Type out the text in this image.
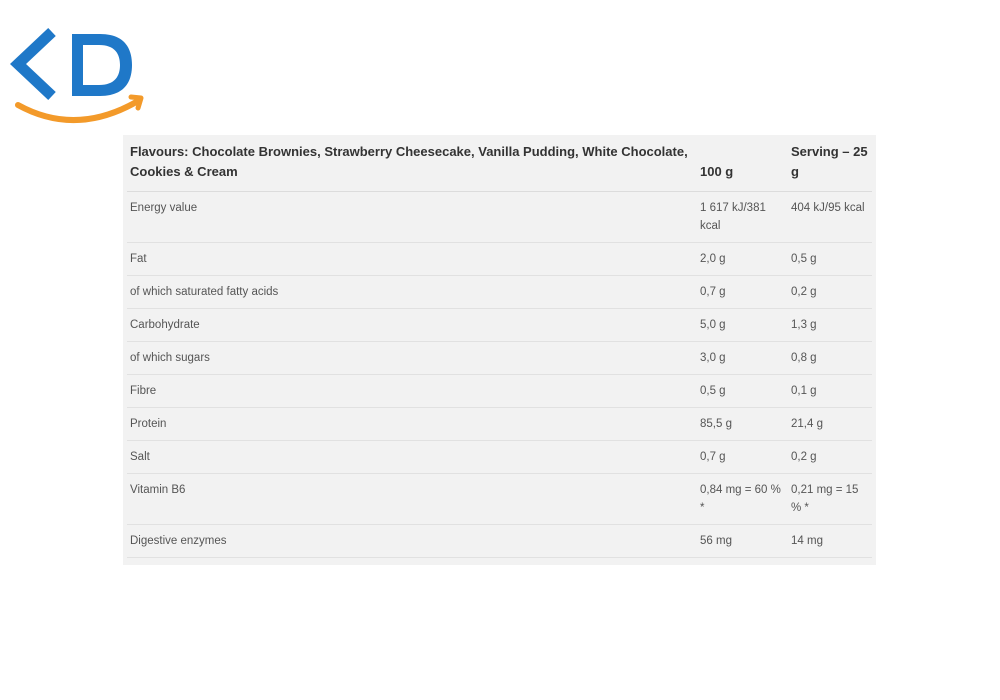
Flavours: Chocolate Brownies, Strawberry Cheesecake, Vanilla Pudding, White Chocolate, Cookies & Cream	100 g	Serving – 25 g
Energy value	1 617 kJ/381 kcal	404 kJ/95 kcal
Fat	2,0 g	0,5 g
of which saturated fatty acids	0,7 g	0,2 g
Carbohydrate	5,0 g	1,3 g
of which sugars	3,0 g	0,8 g
Fibre	0,5 g	0,1 g
Protein	85,5 g	21,4 g
Salt	0,7 g	0,2 g
Vitamin B6	0,84 mg = 60 % *	0,21 mg = 15 % *
Digestive enzymes	56 mg	14 mg
